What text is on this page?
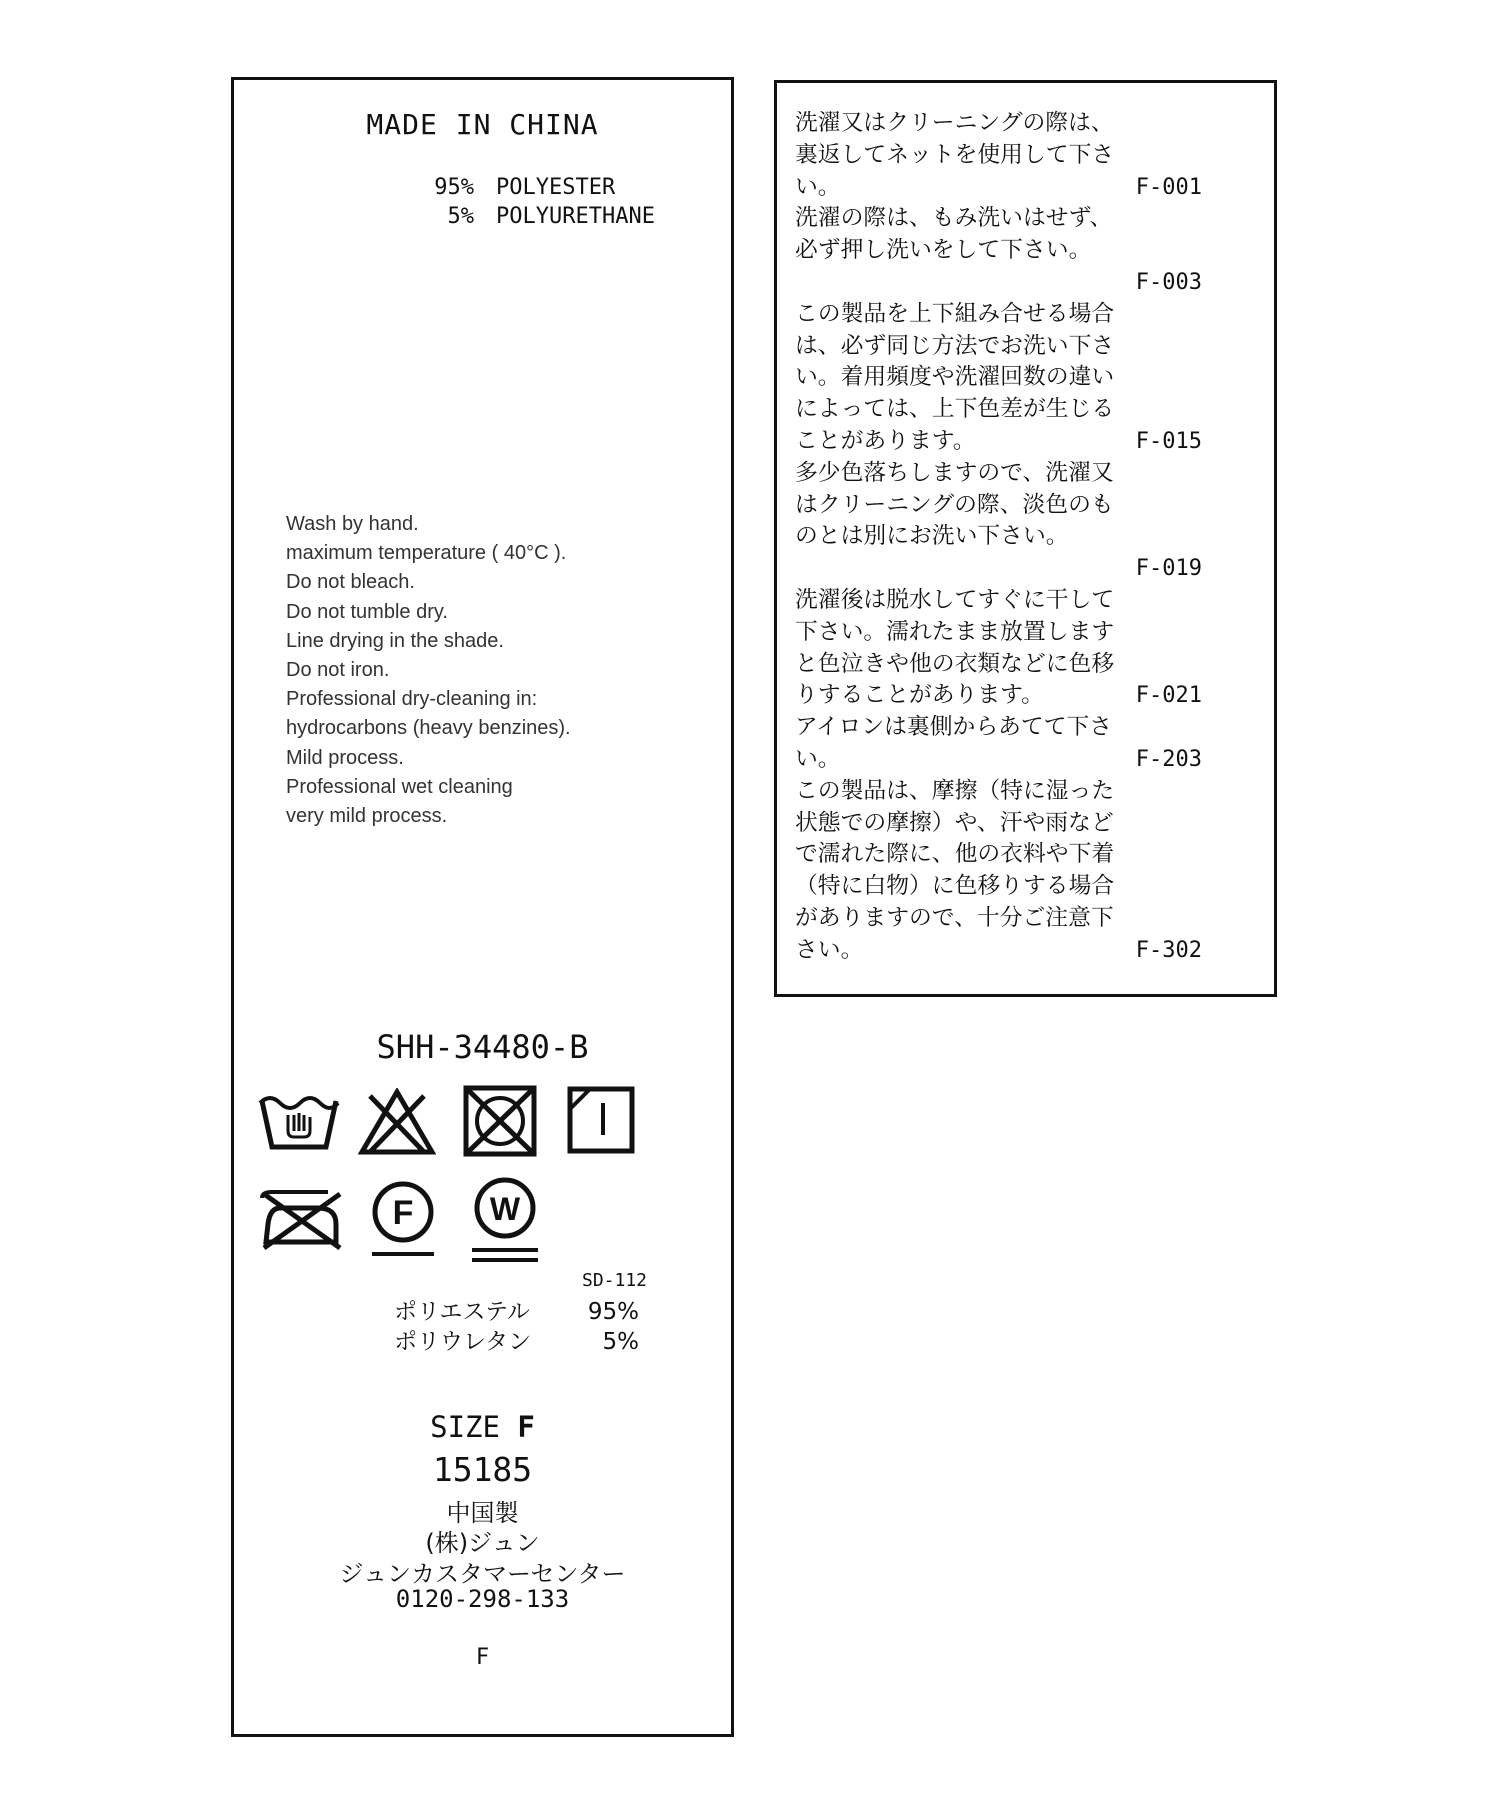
MADE IN CHINA
95% POLYESTER
5% POLYURETHANE
Wash by hand.
maximum temperature ( 40°C ).
Do not bleach.
Do not tumble dry.
Line drying in the shade.
Do not iron.
Professional dry-cleaning in:
hydrocarbons (heavy benzines).
Mild process.
Professional wet cleaning
very mild process.
SHH-34480-B
F W
SD-112
ポリエステル	95%
ポリウレタン	5%
SIZE F
15185
中国製
(株)ジュン
ジュンカスタマーセンター
0120-298-133
F
洗濯又はクリーニングの際は、
裏返してネットを使用して下さ
い。	F-001
洗濯の際は、もみ洗いはせず、
必ず押し洗いをして下さい。
F-003
この製品を上下組み合せる場合
は、必ず同じ方法でお洗い下さ
い。着用頻度や洗濯回数の違い
によっては、上下色差が生じる
ことがあります。	F-015
多少色落ちしますので、洗濯又
はクリーニングの際、淡色のも
のとは別にお洗い下さい。
F-019
洗濯後は脱水してすぐに干して
下さい。濡れたまま放置します
と色泣きや他の衣類などに色移
りすることがあります。	F-021
アイロンは裏側からあてて下さ
い。	F-203
この製品は、摩擦（特に湿った
状態での摩擦）や、汗や雨など
で濡れた際に、他の衣料や下着
（特に白物）に色移りする場合
がありますので、十分ご注意下
さい。	F-302
